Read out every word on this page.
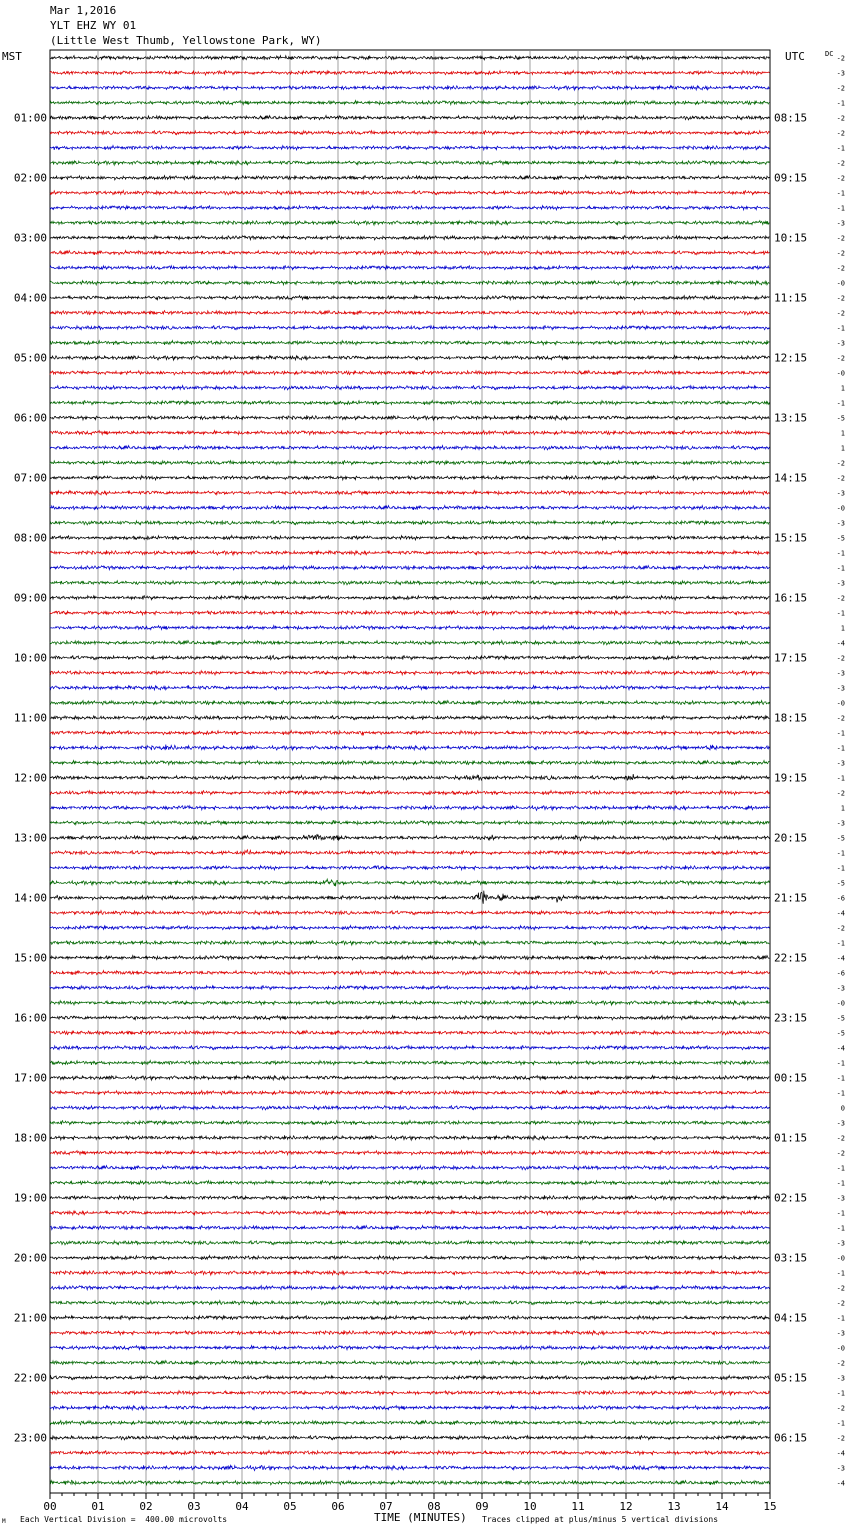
-2
-3
-2
-1
-2
-2
-1
-2
-2
-1
-1
-3
-2
-2
-2
-0
-2
-2
-1
-3
-2
-0
1
-1
-5
1
1
-2
-2
-3
-0
-3
-5
-1
-1
-3
-2
-1
1
-4
-2
-3
-3
-0
-2
-1
-1
-3
-1
-2
1
-3
-5
-1
-1
-5
-6
-4
-2
-1
-4
-6
-3
-0
-5
-5
-4
-1
-1
-1
0
-3
-2
-2
-1
-1
-3
-1
-1
-3
-0
-1
-2
-2
-1
-3
-0
-2
-3
-1
-2
-1
-2
-4
-3
-4
01:00	08:15
02:00	09:15
03:00	10:15
04:00	11:15
05:00	12:15
06:00	13:15
07:00	14:15
08:00	15:15
09:00	16:15
10:00	17:15
11:00	18:15
12:00	19:15
13:00	20:15
14:00	21:15
15:00	22:15
16:00	23:15
17:00	00:15
18:00	01:15
19:00	02:15
20:00	03:15
21:00	04:15
22:00	05:15
23:00	06:15
00	01	02	03	04	05	06	07	08	09	10	11	12	13	14	15
Mar 1,2016
YLT EHZ WY 01
(Little West Thumb, Yellowstone Park, WY)
MST	UTC	DC
TIME (MINUTES)
Each Vertical Division =  400.00 microvolts	Traces clipped at plus/minus 5 vertical divisions
M
